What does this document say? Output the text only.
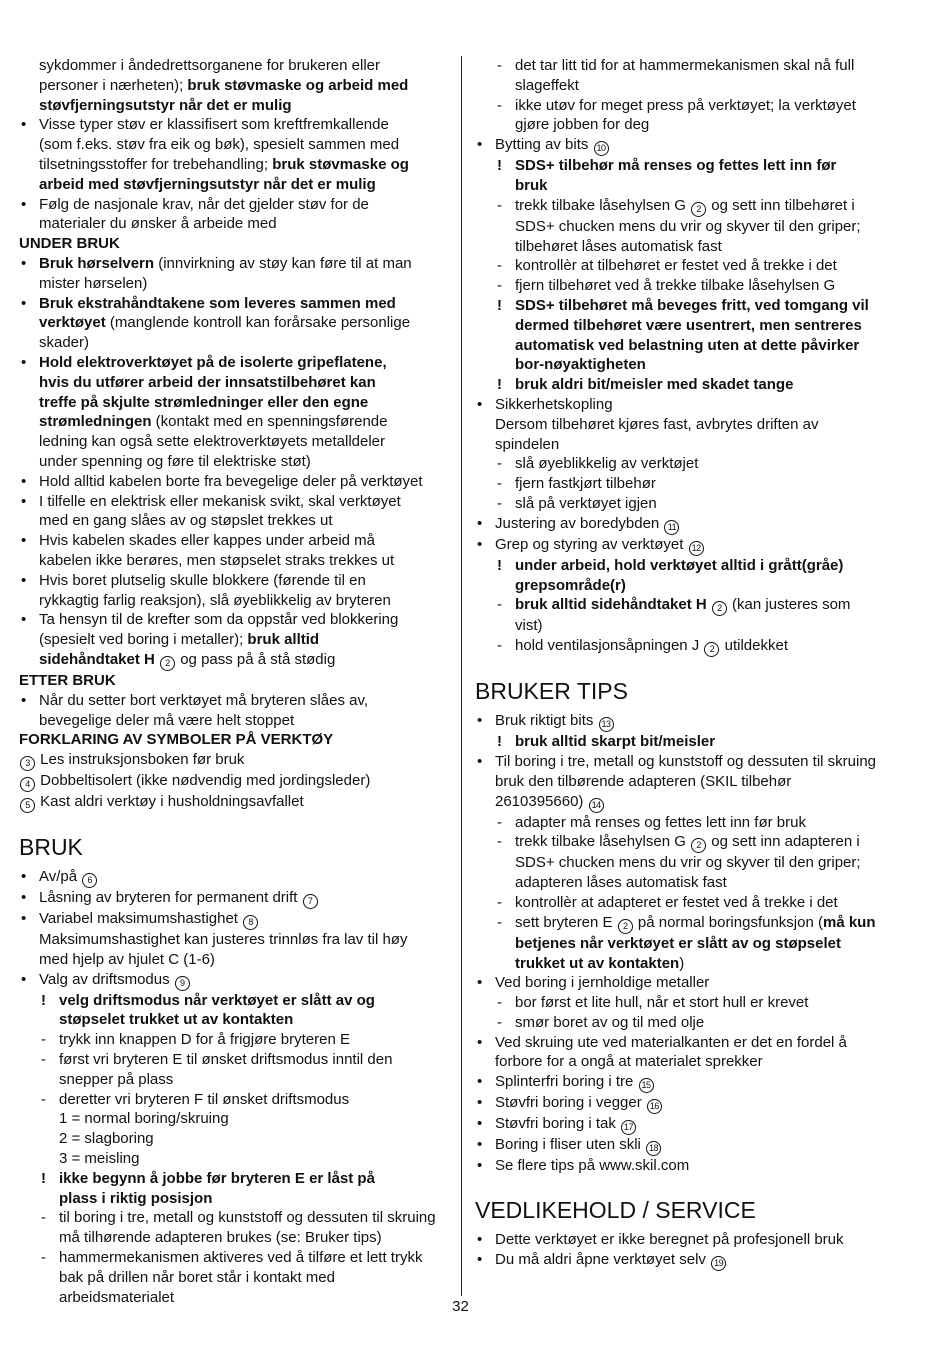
sykdommer i åndedrettsorganene for brukeren eller
personer i nærheten); bruk støvmaske og arbeid med
støvfjerningsutstyr når det er mulig
• Visse typer støv er klassifisert som kreftfremkallende
(som f.eks. støv fra eik og bøk), spesielt sammen med
tilsetningsstoffer for trebehandling; bruk støvmaske og
arbeid med støvfjerningsutstyr når det er mulig
• Følg de nasjonale krav, når det gjelder støv for de
materialer du ønsker å arbeide med
UNDER BRUK
• Bruk hørselvern (innvirkning av støy kan føre til at man
mister hørselen)
• Bruk ekstrahåndtakene som leveres sammen med
verktøyet (manglende kontroll kan forårsake personlige
skader)
• Hold elektroverktøyet på de isolerte gripeflatene,
hvis du utfører arbeid der innsatstilbehøret kan
treffe på skjulte strømledninger eller den egne
strømledningen (kontakt med en spenningsførende
ledning kan også sette elektroverktøyets metalldeler
under spenning og føre til elektriske støt)
• Hold alltid kabelen borte fra bevegelige deler på verktøyet
• I tilfelle en elektrisk eller mekanisk svikt, skal verktøyet
med en gang slåes av og støpslet trekkes ut
• Hvis kabelen skades eller kappes under arbeid må
kabelen ikke berøres, men støpselet straks trekkes ut
• Hvis boret plutselig skulle blokkere (førende til en
rykkagtig farlig reaksjon), slå øyeblikkelig av bryteren
• Ta hensyn til de krefter som da oppstår ved blokkering
(spesielt ved boring i metaller); bruk alltid
sidehåndtaket H 2 og pass på å stå stødig
ETTER BRUK
• Når du setter bort verktøyet må bryteren slåes av,
bevegelige deler må være helt stoppet
FORKLARING AV SYMBOLER PÅ VERKTØY
3 Les instruksjonsboken før bruk
4 Dobbeltisolert (ikke nødvendig med jordingsleder)
5 Kast aldri verktøy i husholdningsavfallet
BRUK
• Av/på 6
• Låsning av bryteren for permanent drift 7
• Variabel maksimumshastighet 8
Maksimumshastighet kan justeres trinnløs fra lav til høy
med hjelp av hjulet C (1-6)
• Valg av driftsmodus 9
! velg driftsmodus når verktøyet er slått av og
støpselet trukket ut av kontakten
- trykk inn knappen D for å frigjøre bryteren E
- først vri bryteren E til ønsket driftsmodus inntil den
snepper på plass
- deretter vri bryteren F til ønsket driftsmodus
1 = normal boring/skruing
2 = slagboring
3 = meisling
! ikke begynn å jobbe før bryteren E er låst på
plass i riktig posisjon
- til boring i tre, metall og kunststoff og dessuten til skruing
må tilhørende adapteren brukes (se: Bruker tips)
- hammermekanismen aktiveres ved å tilføre et lett trykk
bak på drillen når boret står i kontakt med
arbeidsmaterialet
- det tar litt tid for at hammermekanismen skal nå full
slageffekt
- ikke utøv for meget press på verktøyet; la verktøyet
gjøre jobben for deg
• Bytting av bits 10
! SDS+ tilbehør må renses og fettes lett inn før
bruk
- trekk tilbake låsehylsen G 2 og sett inn tilbehøret i
SDS+ chucken mens du vrir og skyver til den griper;
tilbehøret låses automatisk fast
- kontrollèr at tilbehøret er festet ved å trekke i det
- fjern tilbehøret ved å trekke tilbake låsehylsen G
! SDS+ tilbehøret må beveges fritt, ved tomgang vil
dermed tilbehøret være usentrert, men sentreres
automatisk ved belastning uten at dette påvirker
bor-nøyaktigheten
! bruk aldri bit/meisler med skadet tange
• Sikkerhetskopling
Dersom tilbehøret kjøres fast, avbrytes driften av
spindelen
- slå øyeblikkelig av verktøjet
- fjern fastkjørt tilbehør
- slå på verktøyet igjen
• Justering av boredybden 11
• Grep og styring av verktøyet 12
! under arbeid, hold verktøyet alltid i grått(gråe)
grepsområde(r)
- bruk alltid sidehåndtaket H 2 (kan justeres som
vist)
- hold ventilasjonsåpningen J 2 utildekket
BRUKER TIPS
• Bruk riktigt bits 13
! bruk alltid skarpt bit/meisler
• Til boring i tre, metall og kunststoff og dessuten til skruing
bruk den tilbørende adapteren (SKIL tilbehør
2610395660) 14
- adapter må renses og fettes lett inn før bruk
- trekk tilbake låsehylsen G 2 og sett inn adapteren i
SDS+ chucken mens du vrir og skyver til den griper;
adapteren låses automatisk fast
- kontrollèr at adapteret er festet ved å trekke i det
- sett bryteren E 2 på normal boringsfunksjon (må kun
betjenes når verktøyet er slått av og støpselet
trukket ut av kontakten)
• Ved boring i jernholdige metaller
- bor først et lite hull, når et stort hull er krevet
- smør boret av og til med olje
• Ved skruing ute ved materialkanten er det en fordel å
forbore for a ongå at materialet sprekker
• Splinterfri boring i tre 15
• Støvfri boring i vegger 16
• Støvfri boring i tak 17
• Boring i fliser uten skli 18
• Se flere tips på www.skil.com
VEDLIKEHOLD / SERVICE
• Dette verktøyet er ikke beregnet på profesjonell bruk
• Du må aldri åpne verktøyet selv 19
32
